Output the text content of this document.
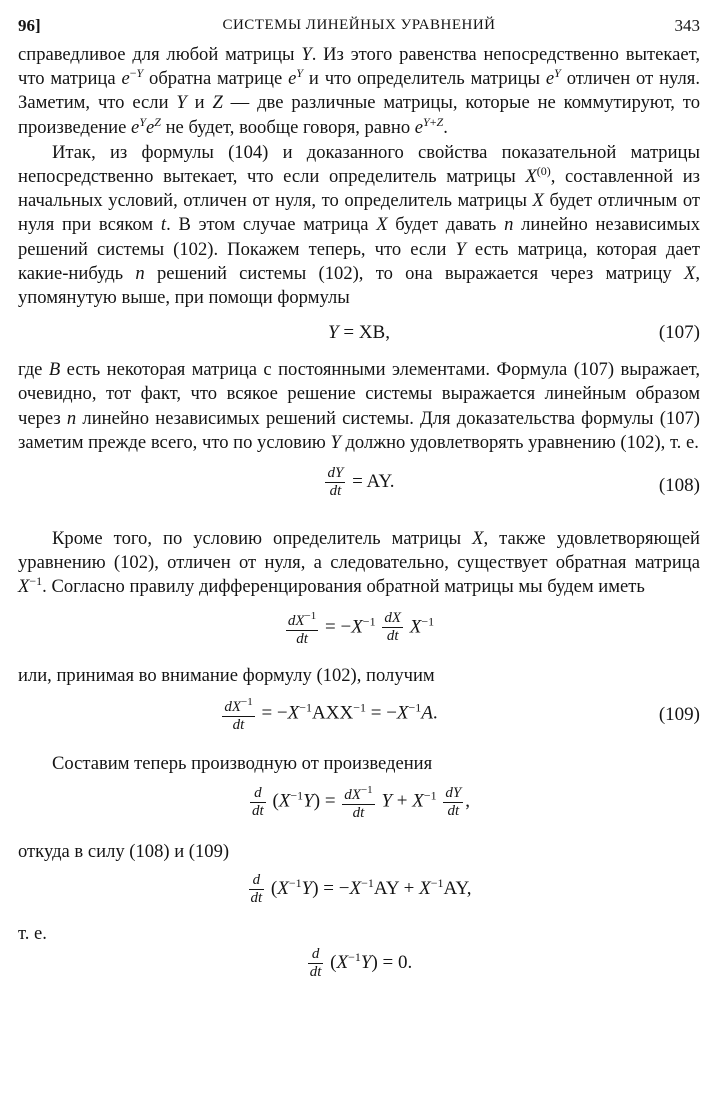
96]	СИСТЕМЫ ЛИНЕЙНЫХ УРАВНЕНИЙ	343

справедливое для любой матрицы Y. Из этого равенства непосредственно вытекает, что матрица $e^{-Y}$ обратна матрице $e^Y$ и что определитель матрицы $e^Y$ отличен от нуля. Заметим, что если Y и Z — две различные матрицы, которые не коммутируют, то произведение $e^Ye^Z$ не будет, вообще говоря, равно $e^{Y+Z}$.

Итак, из формулы (104) и доказанного свойства показательной матрицы непосредственно вытекает, что если определитель матрицы $X^{(0)}$, составленной из начальных условий, отличен от нуля, то определитель матрицы X будет отличным от нуля при всяком t. В этом случае матрица X будет давать n линейно независимых решений системы (102). Покажем теперь, что если Y есть матрица, которая дает какие-нибудь n решений системы (102), то она выражается через матрицу X, упомянутую выше, при помощи формулы

Y = XB,	(107)

где B есть некоторая матрица с постоянными элементами. Формула (107) выражает, очевидно, тот факт, что всякое решение системы выражается линейным образом через n линейно независимых решений системы. Для доказательства формулы (107) заметим прежде всего, что по условию Y должно удовлетворять уравнению (102), т. е.

$\frac{dY}{dt}$ = AY.	(108)

Кроме того, по условию определитель матрицы X, также удовлетворяющей уравнению (102), отличен от нуля, а следовательно, существует обратная матрица $X^{-1}$. Согласно правилу дифференцирования обратной матрицы мы будем иметь

$\frac{dX^{-1}}{dt} = -X^{-1} \frac{dX}{dt} X^{-1}$

или, принимая во внимание формулу (102), получим

$\frac{dX^{-1}}{dt} = -X^{-1}AXX^{-1} = -X^{-1}A$.	(109)

Составим теперь производную от произведения

$\frac{d}{dt} (X^{-1}Y) = \frac{dX^{-1}}{dt}$ $Y + X^{-1} \frac{dY}{dt}$ ,

откуда в силу (108) и (109)

$\frac{d}{dt} (X^{-1}Y) = -X^{-1}AY + X^{-1}AY$,

т. е.

$\frac{d}{dt} (X^{-1}Y) = 0$.
